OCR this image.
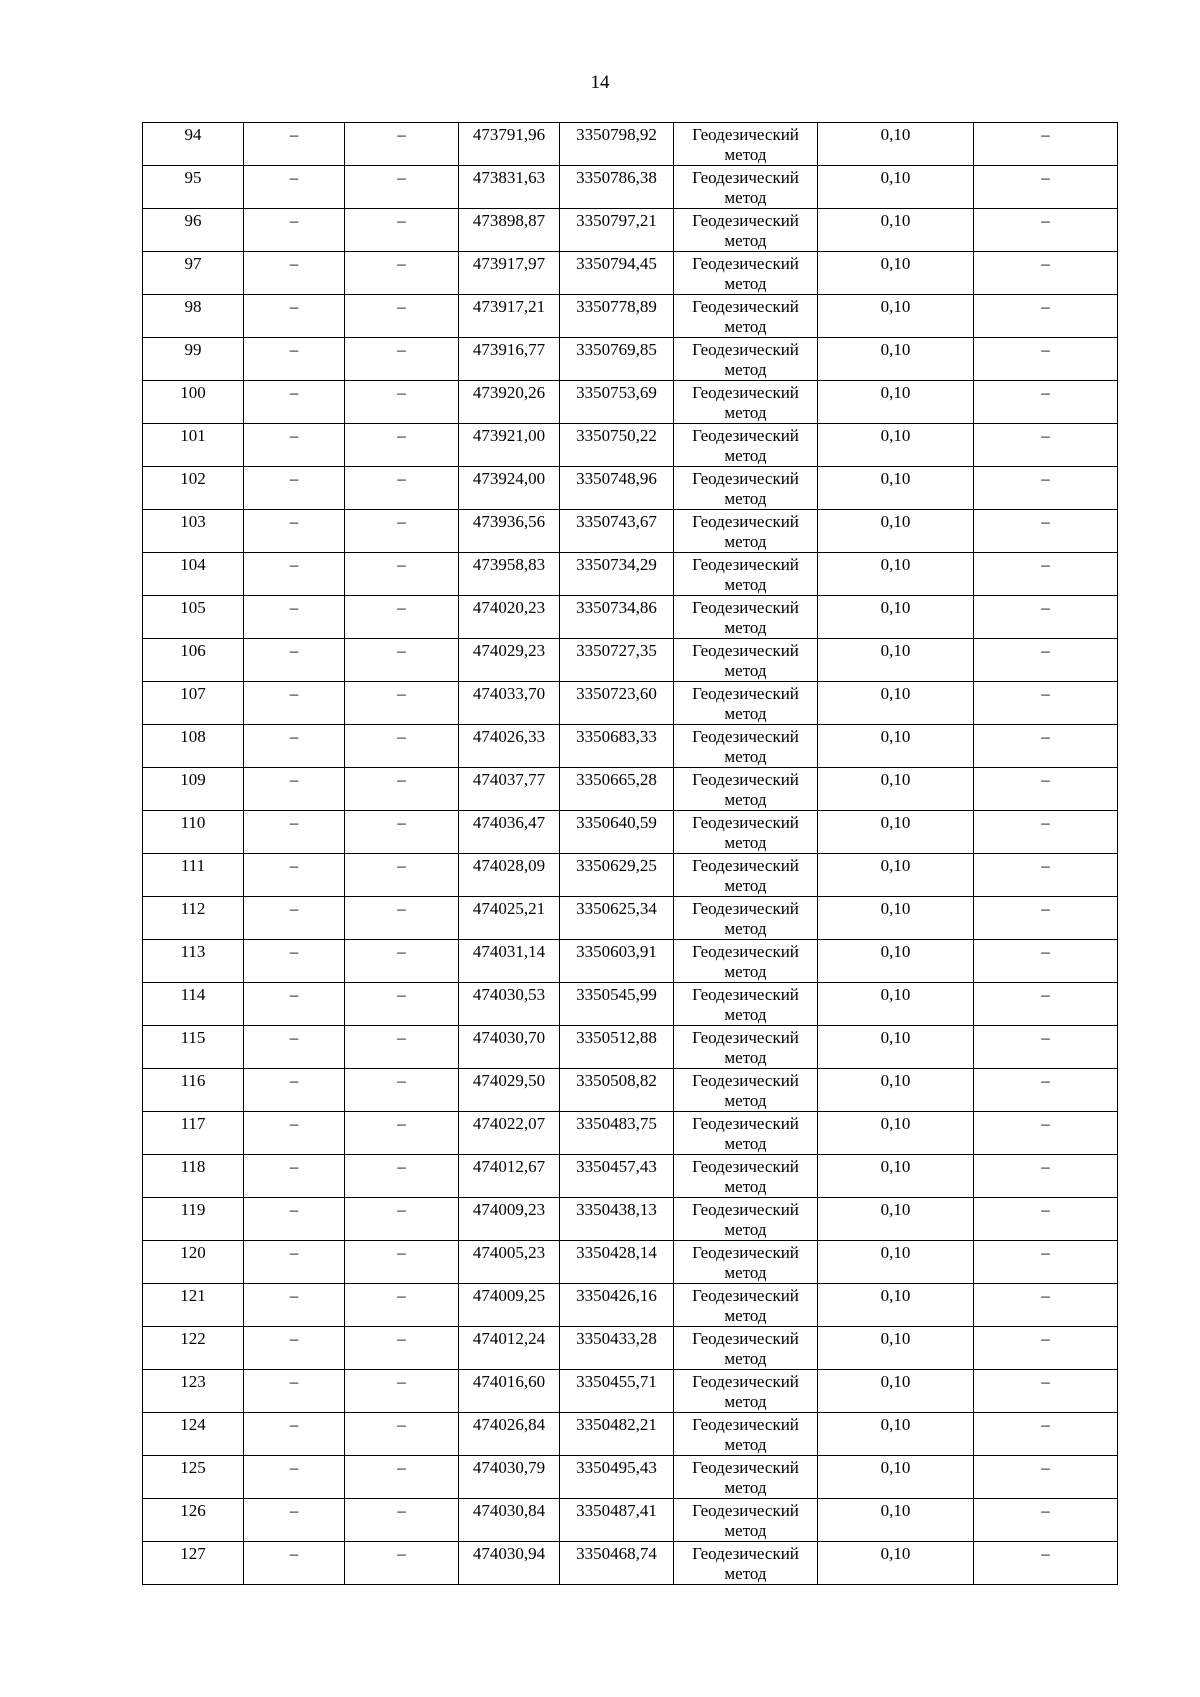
14
94	–	–	473791,96	3350798,92	Геодезический метод	0,10	–
95	–	–	473831,63	3350786,38	Геодезический метод	0,10	–
96	–	–	473898,87	3350797,21	Геодезический метод	0,10	–
97	–	–	473917,97	3350794,45	Геодезический метод	0,10	–
98	–	–	473917,21	3350778,89	Геодезический метод	0,10	–
99	–	–	473916,77	3350769,85	Геодезический метод	0,10	–
100	–	–	473920,26	3350753,69	Геодезический метод	0,10	–
101	–	–	473921,00	3350750,22	Геодезический метод	0,10	–
102	–	–	473924,00	3350748,96	Геодезический метод	0,10	–
103	–	–	473936,56	3350743,67	Геодезический метод	0,10	–
104	–	–	473958,83	3350734,29	Геодезический метод	0,10	–
105	–	–	474020,23	3350734,86	Геодезический метод	0,10	–
106	–	–	474029,23	3350727,35	Геодезический метод	0,10	–
107	–	–	474033,70	3350723,60	Геодезический метод	0,10	–
108	–	–	474026,33	3350683,33	Геодезический метод	0,10	–
109	–	–	474037,77	3350665,28	Геодезический метод	0,10	–
110	–	–	474036,47	3350640,59	Геодезический метод	0,10	–
111	–	–	474028,09	3350629,25	Геодезический метод	0,10	–
112	–	–	474025,21	3350625,34	Геодезический метод	0,10	–
113	–	–	474031,14	3350603,91	Геодезический метод	0,10	–
114	–	–	474030,53	3350545,99	Геодезический метод	0,10	–
115	–	–	474030,70	3350512,88	Геодезический метод	0,10	–
116	–	–	474029,50	3350508,82	Геодезический метод	0,10	–
117	–	–	474022,07	3350483,75	Геодезический метод	0,10	–
118	–	–	474012,67	3350457,43	Геодезический метод	0,10	–
119	–	–	474009,23	3350438,13	Геодезический метод	0,10	–
120	–	–	474005,23	3350428,14	Геодезический метод	0,10	–
121	–	–	474009,25	3350426,16	Геодезический метод	0,10	–
122	–	–	474012,24	3350433,28	Геодезический метод	0,10	–
123	–	–	474016,60	3350455,71	Геодезический метод	0,10	–
124	–	–	474026,84	3350482,21	Геодезический метод	0,10	–
125	–	–	474030,79	3350495,43	Геодезический метод	0,10	–
126	–	–	474030,84	3350487,41	Геодезический метод	0,10	–
127	–	–	474030,94	3350468,74	Геодезический метод	0,10	–
